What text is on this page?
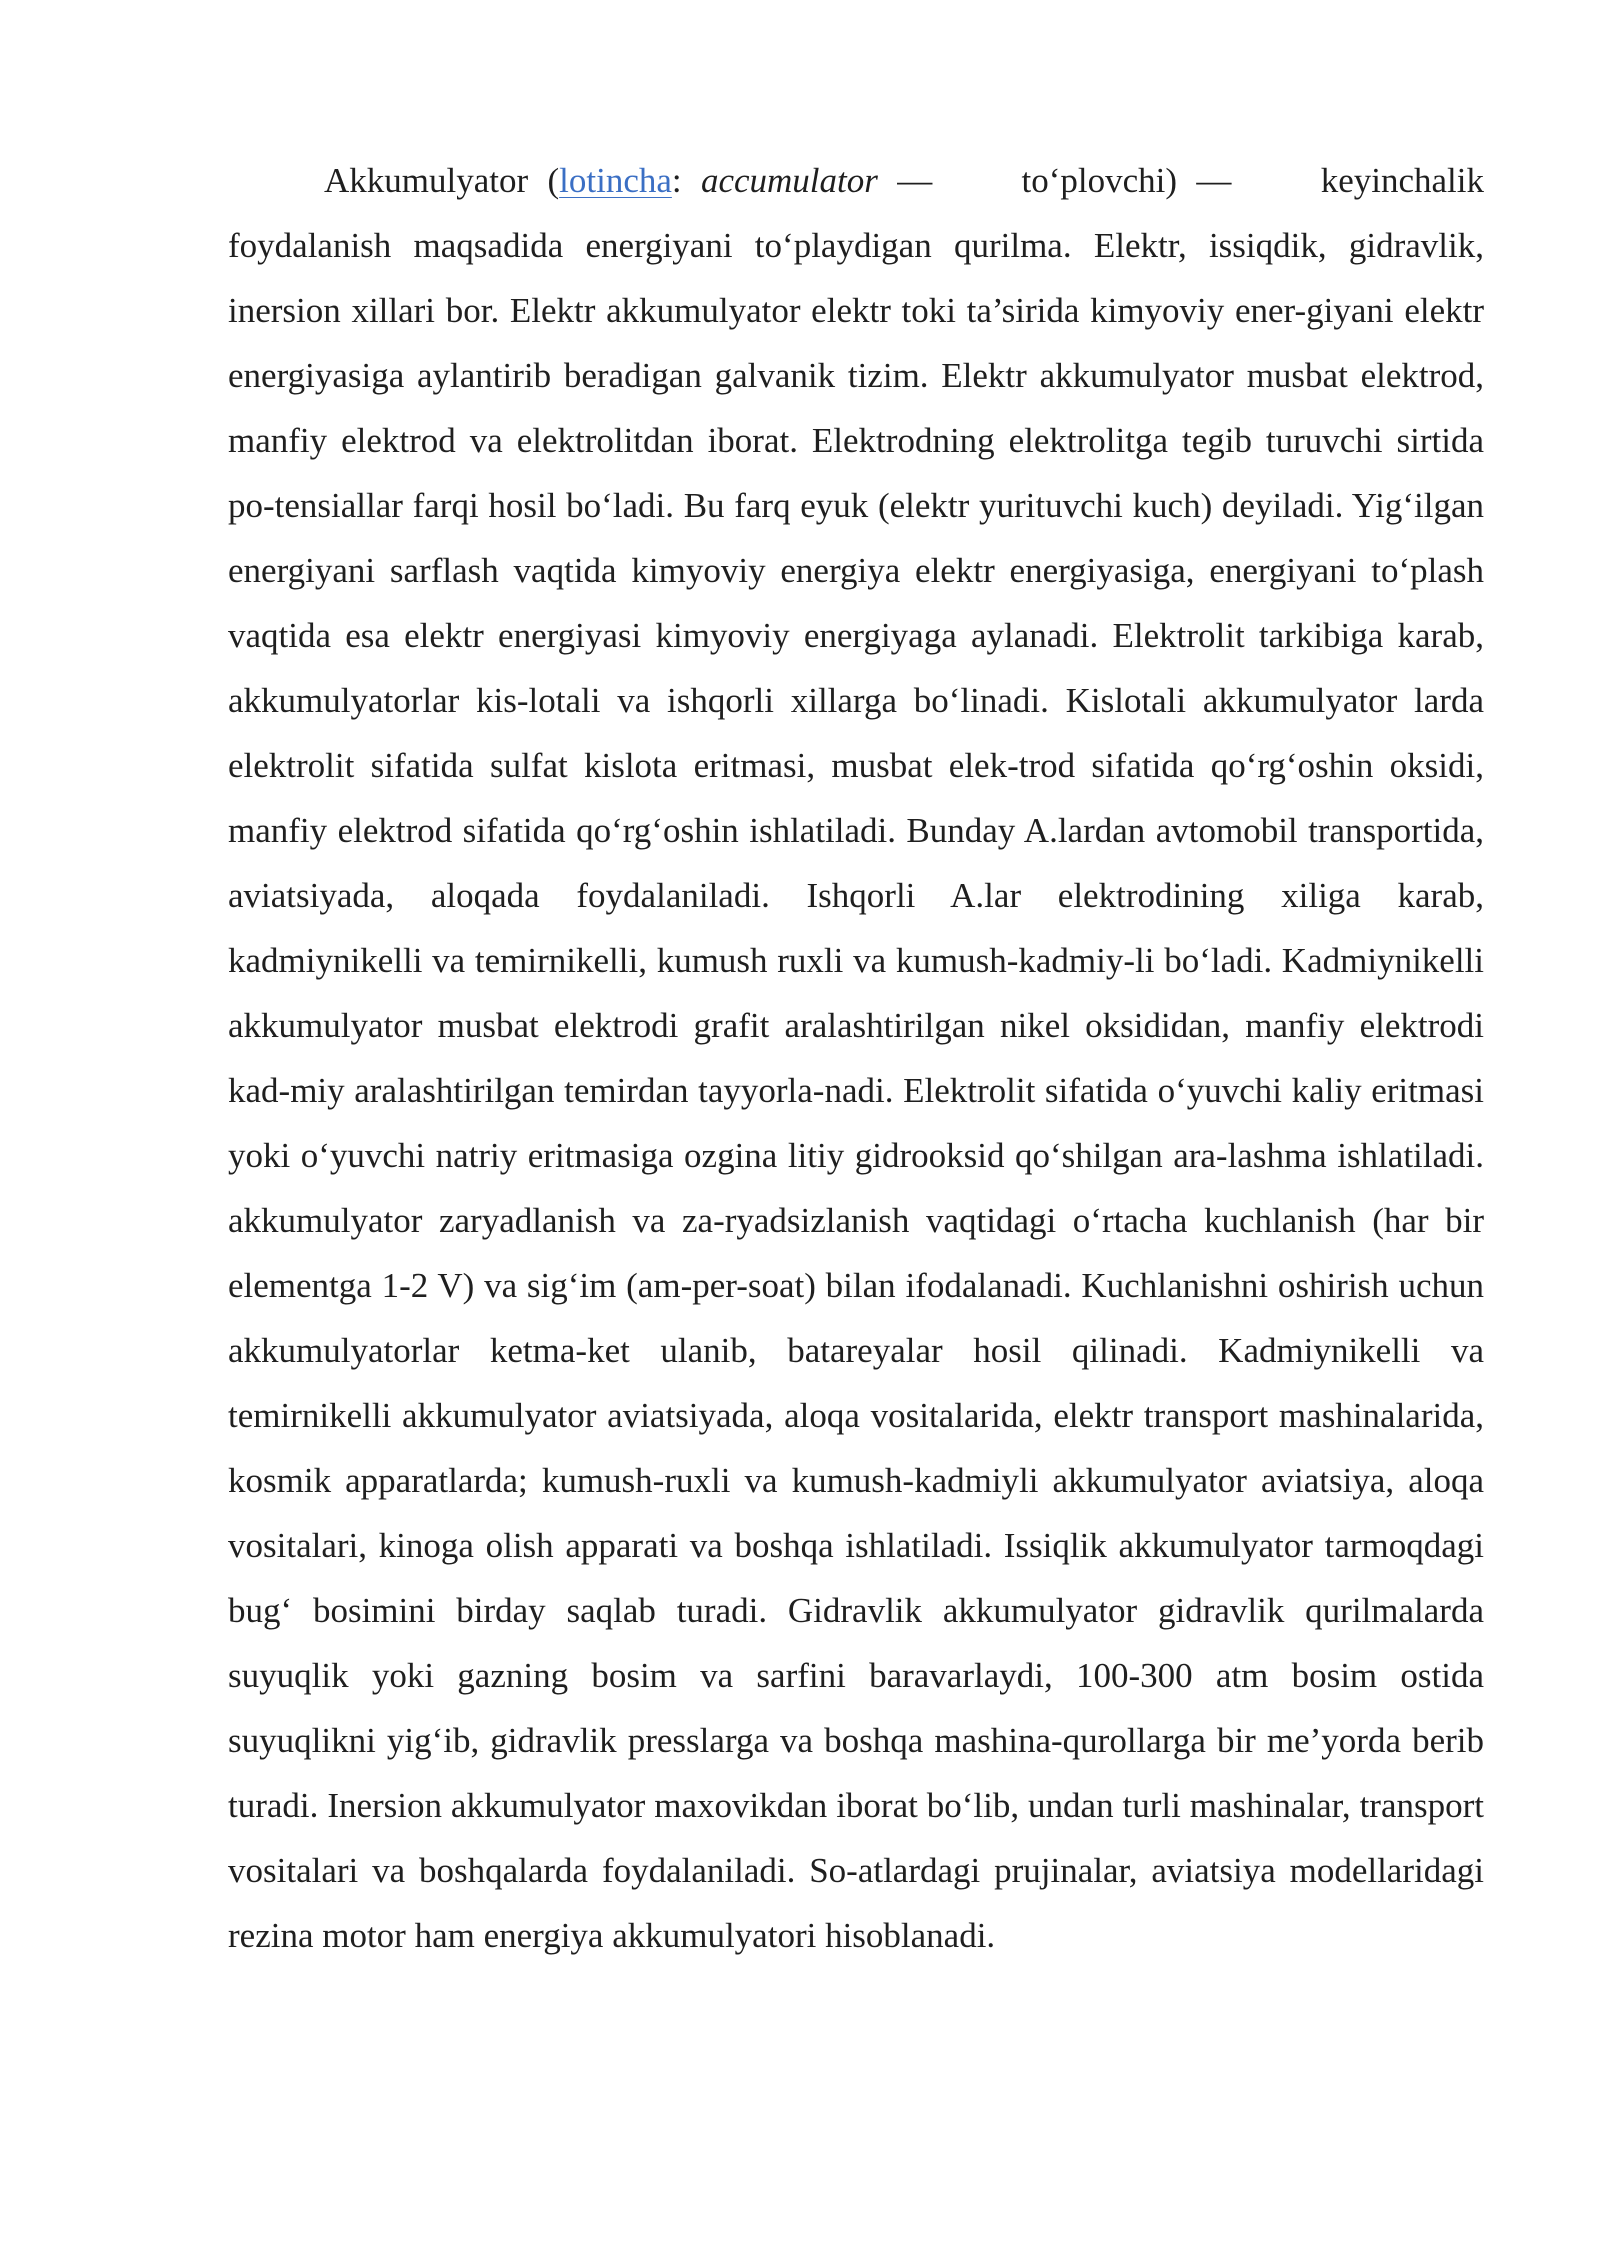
Akkumulyator (lotincha: accumulator —   to‘plovchi) —   keyinchalik foydalanish maqsadida energiyani to‘playdigan qurilma. Elektr, issiqdik, gidravlik, inersion xillari bor. Elektr akkumulyator elektr toki ta’sirida kimyoviy ener-giyani elektr energiyasiga aylantirib beradigan galvanik tizim. Elektr akkumulyator musbat elektrod, manfiy elektrod va elektrolitdan iborat. Elektrodning elektrolitga tegib turuvchi sirtida po-tensiallar farqi hosil bo‘ladi. Bu farq eyuk (elektr yurituvchi kuch) deyiladi. Yig‘ilgan energiyani sarflash vaqtida kimyoviy energiya elektr energiyasiga, energiyani to‘plash vaqtida esa elektr energiyasi kimyoviy energiyaga aylanadi. Elektrolit tarkibiga karab, akkumulyatorlar kis-lotali va ishqorli xillarga bo‘linadi. Kislotali akkumulyator larda elektrolit sifatida sulfat kislota eritmasi, musbat elek-trod sifatida qo‘rg‘oshin oksidi, manfiy elektrod sifatida qo‘rg‘oshin ishlatiladi. Bunday A.lardan avtomobil transportida, aviatsiyada, aloqada foydalaniladi. Ishqorli A.lar elektrodining xiliga karab, kadmiynikelli va temirnikelli, kumush ruxli va kumush-kadmiy-li bo‘ladi. Kadmiynikelli akkumulyator musbat elektrodi grafit aralashtirilgan nikel oksididan, manfiy elektrodi kad-miy aralashtirilgan temirdan tayyorla-nadi. Elektrolit sifatida o‘yuvchi kaliy eritmasi yoki o‘yuvchi natriy eritmasiga ozgina litiy gidrooksid qo‘shilgan ara-lashma ishlatiladi. akkumulyator zaryadlanish va za-ryadsizlanish vaqtidagi o‘rtacha kuchlanish (har bir elementga 1-2 V) va sig‘im (am-per-soat) bilan ifodalanadi. Kuchlanishni oshirish uchun akkumulyatorlar ketma-ket ulanib, batareyalar hosil qilinadi. Kadmiynikelli va temirnikelli akkumulyator aviatsiyada, aloqa vositalarida, elektr transport mashinalarida, kosmik apparatlarda; kumush-ruxli va kumush-kadmiyli akkumulyator aviatsiya, aloqa vositalari, kinoga olish apparati va boshqa ishlatiladi. Issiqlik akkumulyator tarmoqdagi bug‘ bosimini birday saqlab turadi. Gidravlik akkumulyator gidravlik qurilmalarda suyuqlik yoki gazning bosim va sarfini baravarlaydi, 100-300 atm bosim ostida suyuqlikni yig‘ib, gidravlik presslarga va boshqa mashina-qurollarga bir me’yorda berib turadi. Inersion akkumulyator maxovikdan iborat bo‘lib, undan turli mashinalar, transport vositalari va boshqalarda foydalaniladi. So-atlardagi prujinalar, aviatsiya modellaridagi rezina motor ham energiya akkumulyatori hisoblanadi.
